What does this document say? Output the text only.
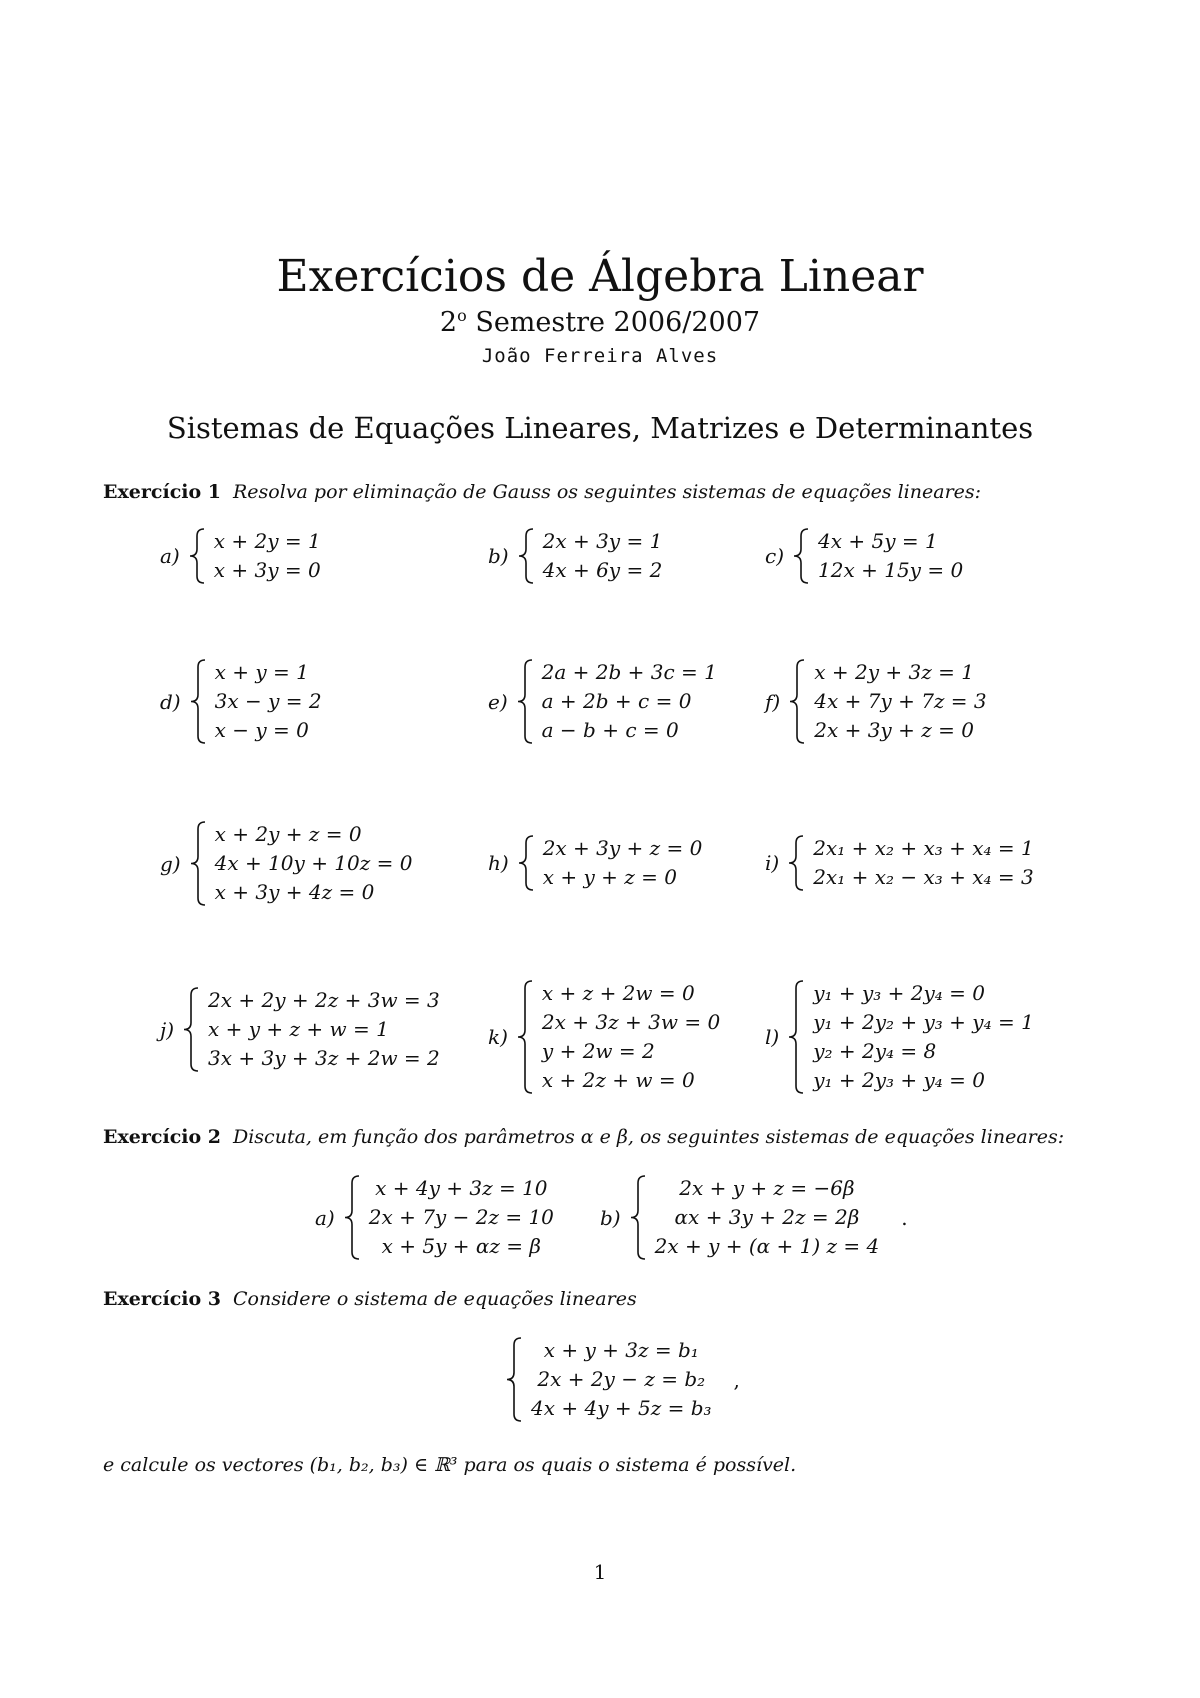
Exercícios de Álgebra Linear
2$^o$ Semestre 2006/2007
João Ferreira Alves
Sistemas de Equações Lineares, Matrizes e Determinantes
Exercício 1 Resolva por eliminação de Gauss os seguintes sistemas de equações lineares:
a)
x + 2y = 1
x + 3y = 0
b)
2x + 3y = 1
4x + 6y = 2
c)
4x + 5y = 1
12x + 15y = 0
d)
x + y = 1
3x − y = 2
x − y = 0
e)
2a + 2b + 3c = 1
a + 2b + c = 0
a − b + c = 0
f)
x + 2y + 3z = 1
4x + 7y + 7z = 3
2x + 3y + z = 0
g)
x + 2y + z = 0
4x + 10y + 10z = 0
x + 3y + 4z = 0
h)
2x + 3y + z = 0
x + y + z = 0
i)
2x₁ + x₂ + x₃ + x₄ = 1
2x₁ + x₂ − x₃ + x₄ = 3
j)
2x + 2y + 2z + 3w = 3
x + y + z + w = 1
3x + 3y + 3z + 2w = 2
k)
x + z + 2w = 0
2x + 3z + 3w = 0
y + 2w = 2
x + 2z + w = 0
l)
y₁ + y₃ + 2y₄ = 0
y₁ + 2y₂ + y₃ + y₄ = 1
y₂ + 2y₄ = 8
y₁ + 2y₃ + y₄ = 0
Exercício 2 Discuta, em função dos parâmetros α e β, os seguintes sistemas de equações lineares:
a)
x + 4y + 3z = 10
2x + 7y − 2z = 10
x + 5y + αz = β
b)
2x + y + z = −6β
αx + 3y + 2z = 2β
2x + y + (α + 1) z = 4
.
Exercício 3 Considere o sistema de equações lineares
x + y + 3z = b₁
2x + 2y − z = b₂
4x + 4y + 5z = b₃
,
e calcule os vectores (b₁, b₂, b₃) ∈ ℝ³ para os quais o sistema é possível.
1
